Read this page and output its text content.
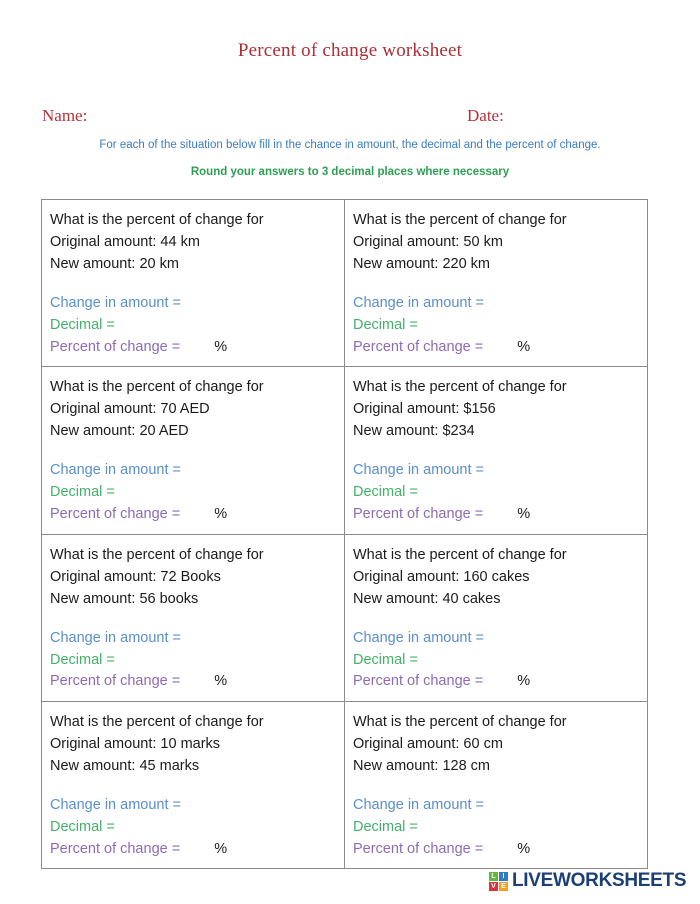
Percent of change worksheet
Name:	Date:
For each of the situation below fill in the chance in amount, the decimal and the percent of change.
Round your answers to 3 decimal places where necessary
What is the percent of change for
Original amount: 44 km
New amount: 20 km
Change in amount =
Decimal =
Percent of change = %

What is the percent of change for
Original amount: 50 km
New amount: 220 km
Change in amount =
Decimal =
Percent of change = %

What is the percent of change for
Original amount: 70 AED
New amount: 20 AED
Change in amount =
Decimal =
Percent of change = %

What is the percent of change for
Original amount: $156
New amount: $234
Change in amount =
Decimal =
Percent of change = %

What is the percent of change for
Original amount: 72 Books
New amount: 56 books
Change in amount =
Decimal =
Percent of change = %

What is the percent of change for
Original amount: 160 cakes
New amount: 40 cakes
Change in amount =
Decimal =
Percent of change = %

What is the percent of change for
Original amount: 10 marks
New amount: 45 marks
Change in amount =
Decimal =
Percent of change = %

What is the percent of change for
Original amount: 60 cm
New amount: 128 cm
Change in amount =
Decimal =
Percent of change = %
L I
V E LIVEWORKSHEETS
